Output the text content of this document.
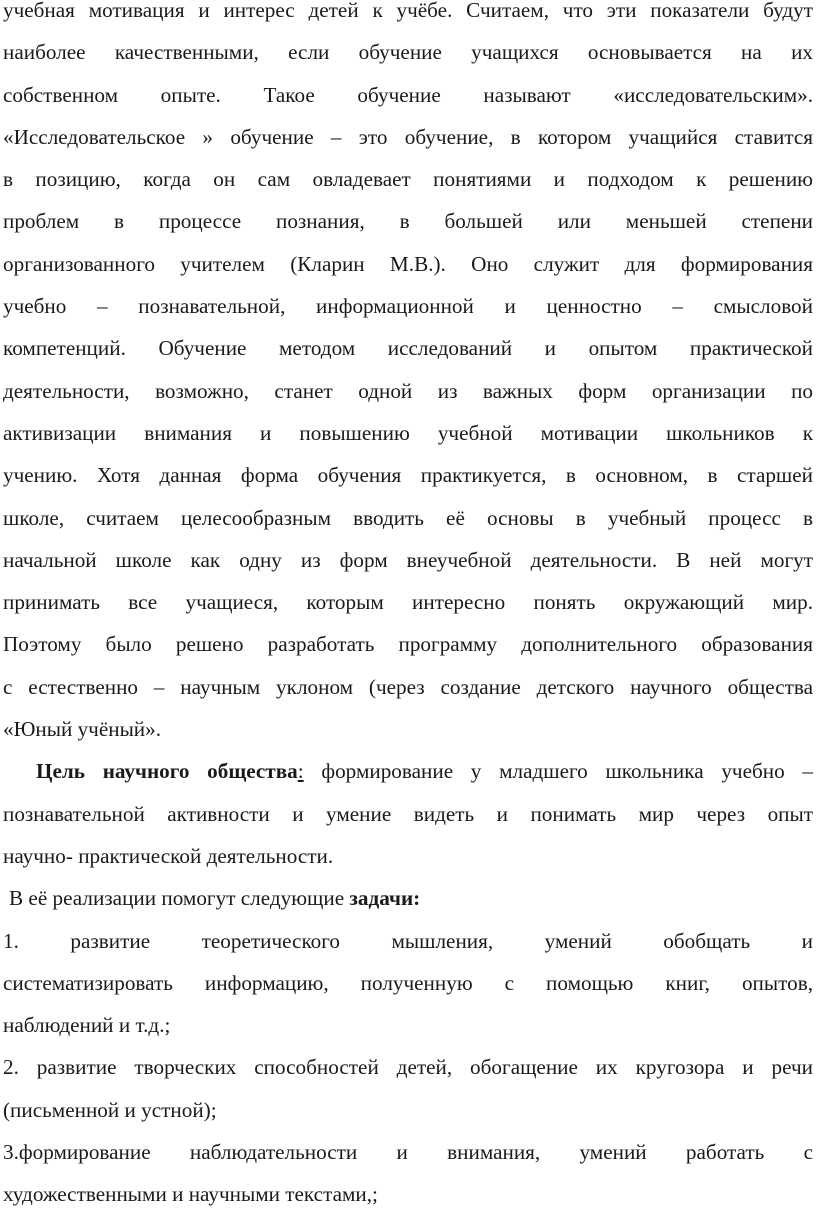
учебная мотивация и интерес детей к учёбе. Считаем, что эти показатели будут

наиболее качественными, если обучение учащихся основывается на их

собственном опыте. Такое обучение называют «исследовательским».

«Исследовательское » обучение – это обучение, в котором учащийся ставится

в позицию, когда он сам овладевает понятиями и подходом к решению

проблем в процессе познания, в большей или меньшей степени

организованного учителем (Кларин М.В.). Оно служит для формирования

учебно – познавательной, информационной и ценностно – смысловой

компетенций. Обучение методом исследований и опытом практической

деятельности, возможно, станет одной из важных форм организации по

активизации внимания и повышению учебной мотивации школьников к

учению. Хотя данная форма обучения практикуется, в основном, в старшей

школе, считаем целесообразным вводить её основы в учебный процесс в

начальной школе как одну из форм внеучебной деятельности. В ней могут

принимать все учащиеся, которым интересно понять окружающий мир.

Поэтому было решено разработать программу дополнительного образования

с естественно – научным уклоном (через создание детского научного общества

«Юный учёный».

Цель научного общества: формирование у младшего школьника учебно –

познавательной активности и умение видеть и понимать мир через опыт

научно- практической деятельности.

В её реализации помогут следующие задачи:

1. развитие теоретического мышления, умений обобщать и

систематизировать информацию, полученную с помощью книг, опытов,

наблюдений и т.д.;

2. развитие творческих способностей детей, обогащение их кругозора и речи

(письменной и устной);

3.формирование наблюдательности и внимания, умений работать с

художественными и научными текстами,;
